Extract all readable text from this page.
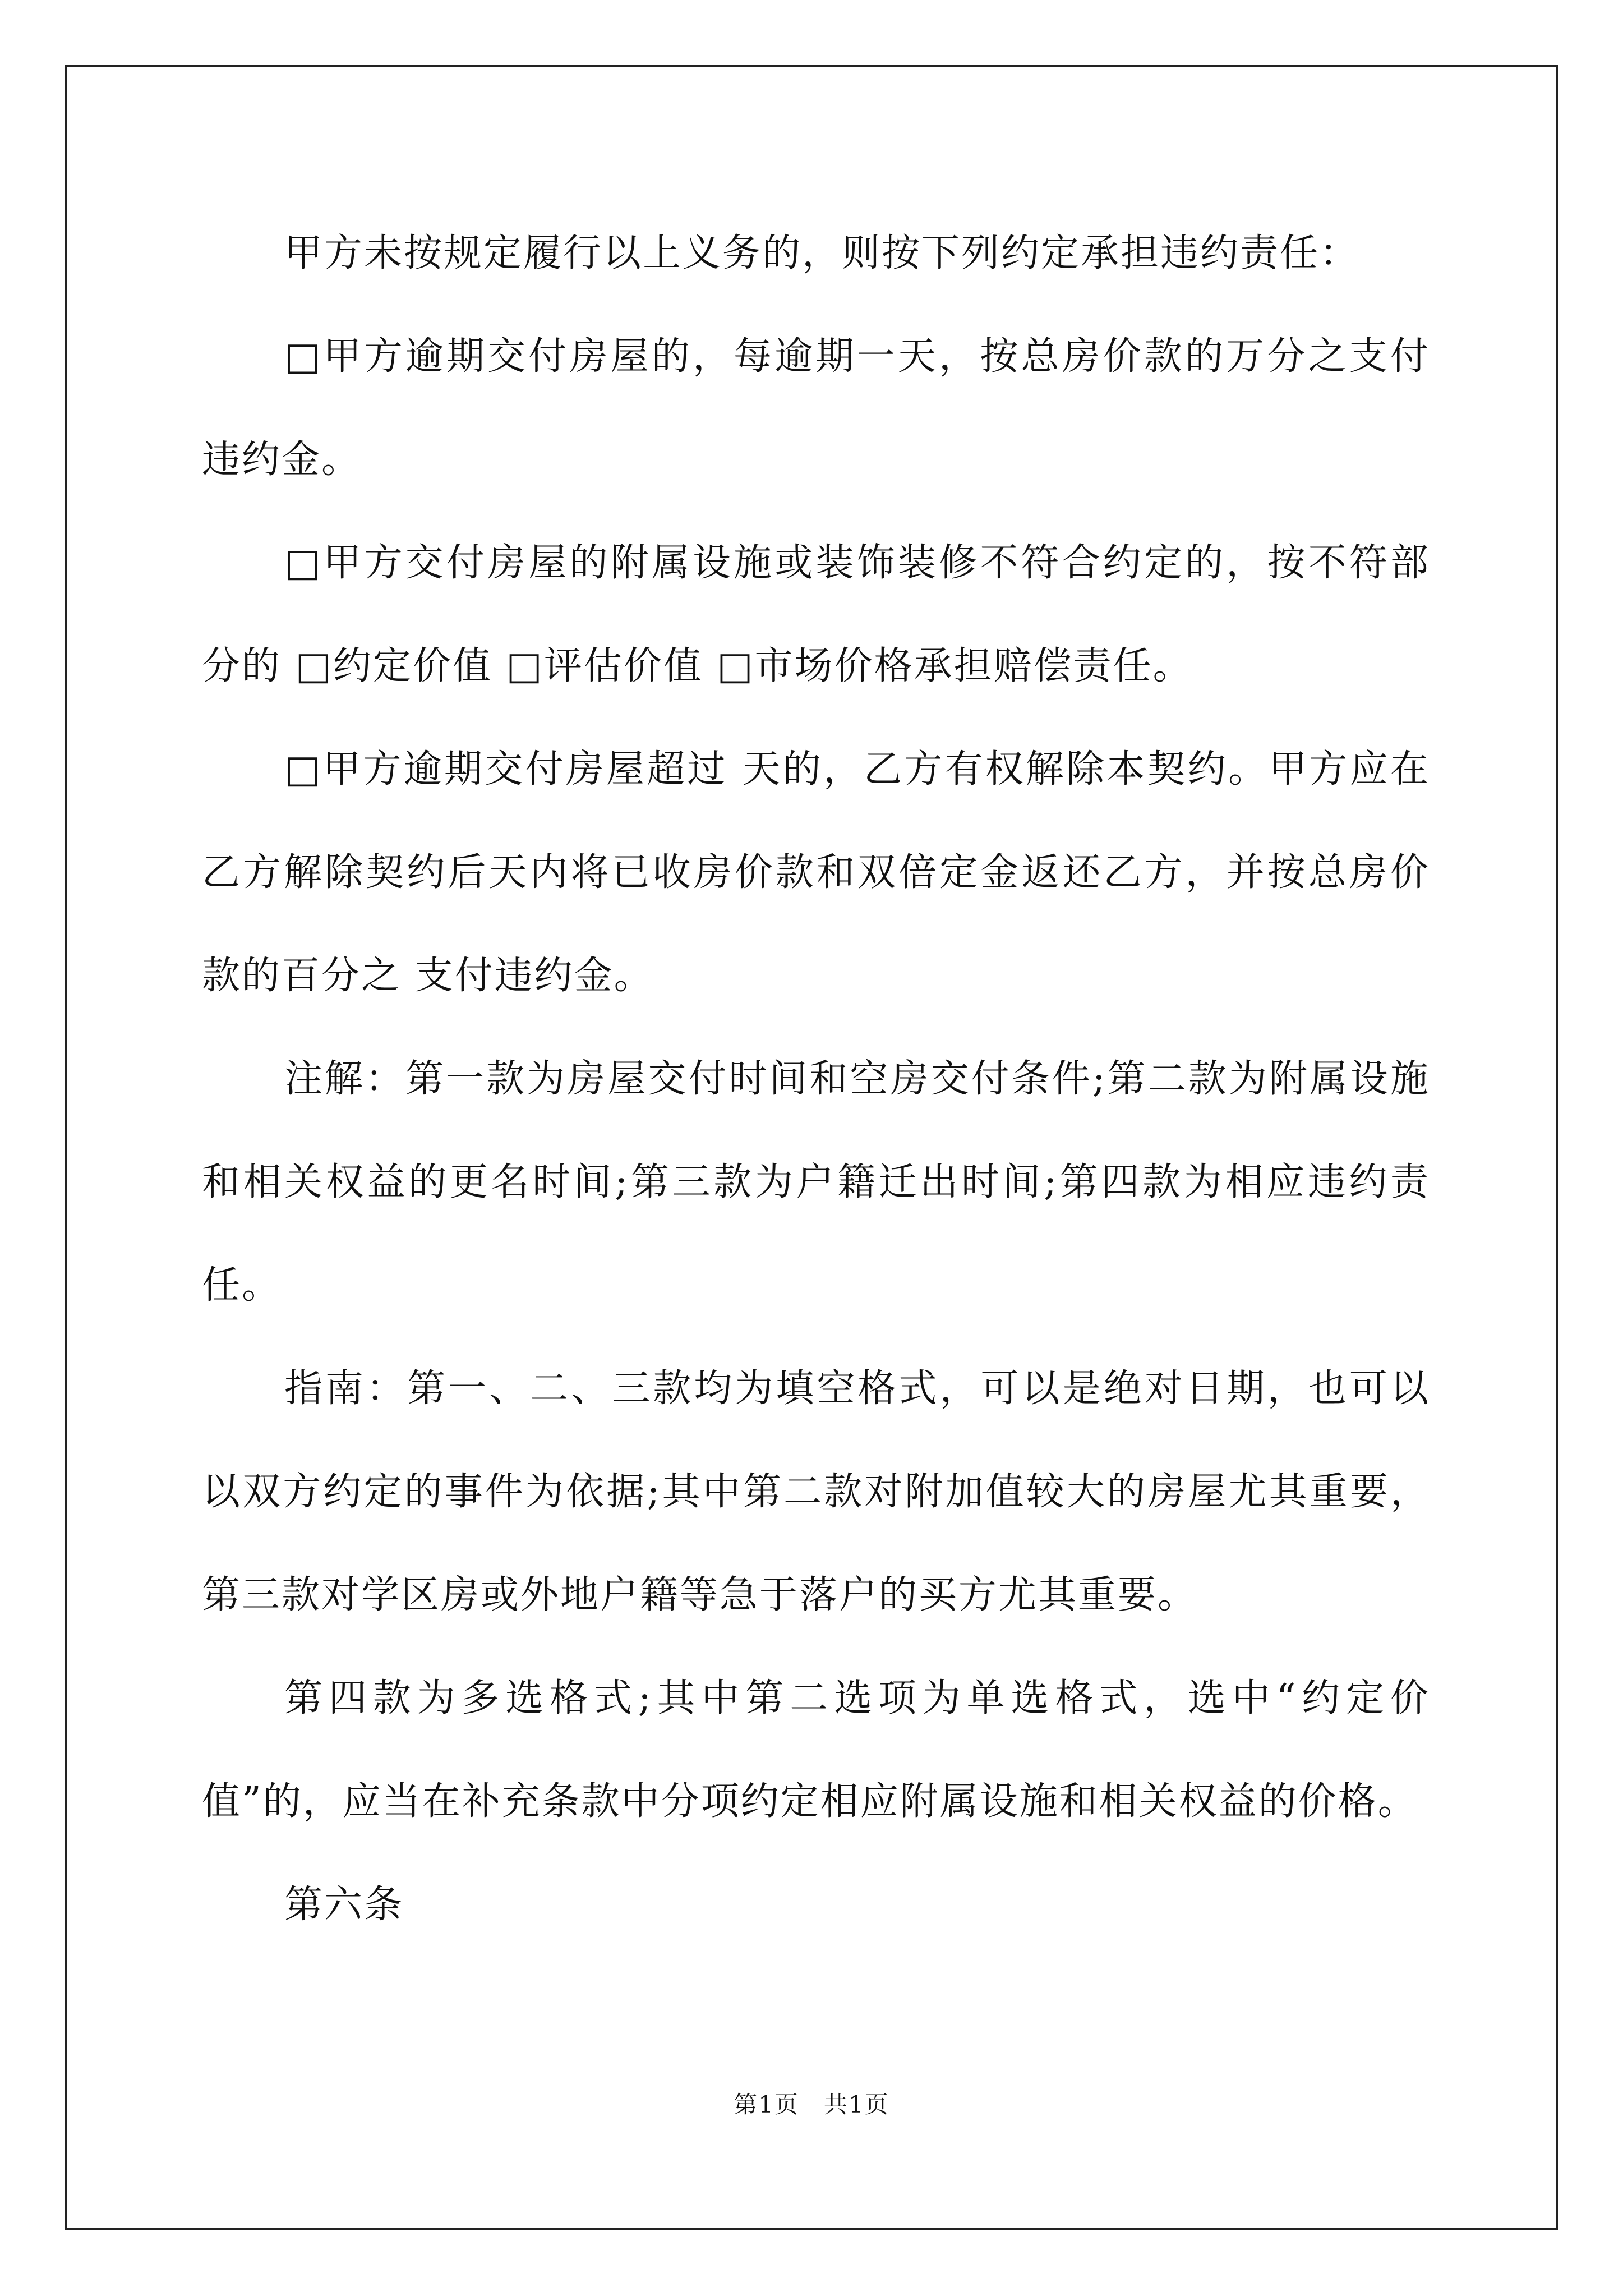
甲方未按规定履行以上义务的，则按下列约定承担违约责任：

□甲方逾期交付房屋的，每逾期一天，按总房价款的万分之支付违约金。

□甲方交付房屋的附属设施或装饰装修不符合约定的，按不符部分的 □约定价值 □评估价值 □市场价格承担赔偿责任。

□甲方逾期交付房屋超过 天的，乙方有权解除本契约。甲方应在乙方解除契约后天内将已收房价款和双倍定金返还乙方，并按总房价款的百分之 支付违约金。

注解：第一款为房屋交付时间和空房交付条件;第二款为附属设施和相关权益的更名时间;第三款为户籍迁出时间;第四款为相应违约责任。

指南：第一、二、三款均为填空格式，可以是绝对日期，也可以以双方约定的事件为依据;其中第二款对附加值较大的房屋尤其重要，第三款对学区房或外地户籍等急于落户的买方尤其重要。

第四款为多选格式;其中第二选项为单选格式，选中“约定价值”的，应当在补充条款中分项约定相应附属设施和相关权益的价格。

第六条

第1页　共1页
